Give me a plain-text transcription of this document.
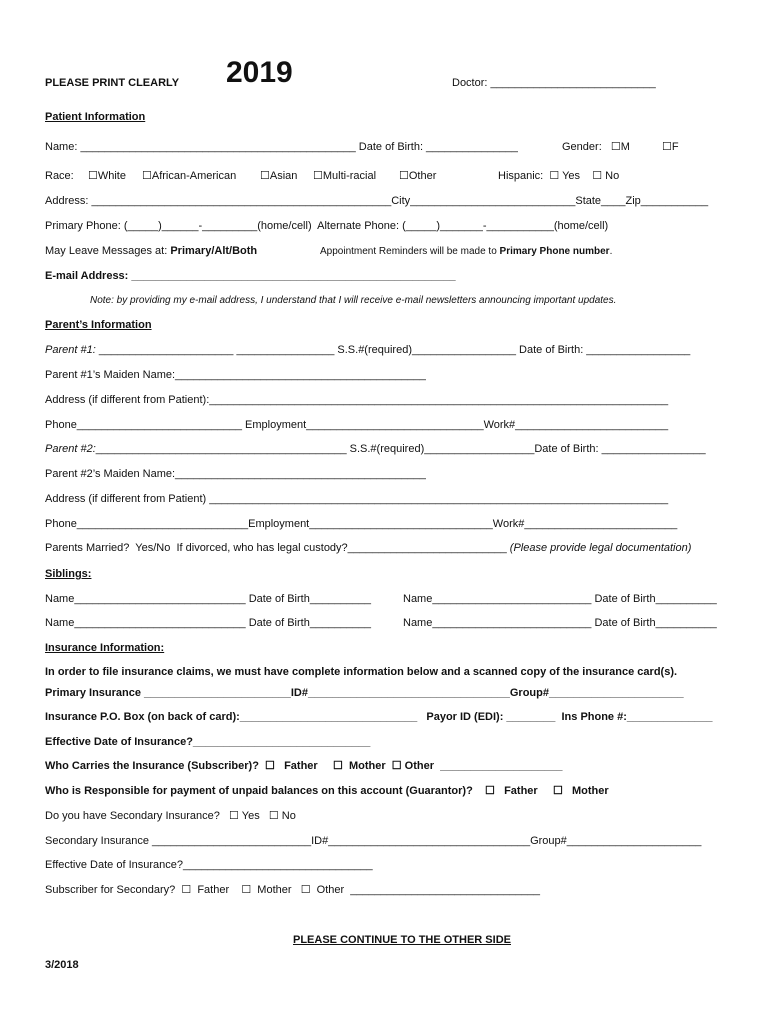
PLEASE PRINT CLEARLY 2019	Doctor: ___________________________
Patient Information
Name: _____________________________________________ Date of Birth: _______________	Gender:   ☐M	☐F
Race: ☐White ☐African-American ☐Asian ☐Multi-racial ☐Other	Hispanic:  ☐ Yes    ☐ No
Address: _________________________________________________City___________________________State____Zip___________
Primary Phone: (_____)______-_________(home/cell)  Alternate Phone: (_____)_______-___________(home/cell)
May Leave Messages at: Primary/Alt/Both	Appointment Reminders will be made to Primary Phone number.
E-mail Address: _____________________________________________________
Note: by providing my e-mail address, I understand that I will receive e-mail newsletters announcing important updates.
Parent’s Information
Parent #1: ______________________ ________________ S.S.#(required)_________________ Date of Birth: _________________
Parent #1’s Maiden Name:_________________________________________
Address (if different from Patient):___________________________________________________________________________
Phone___________________________ Employment_____________________________Work#_________________________
Parent #2:_________________________________________ S.S.#(required)__________________Date of Birth: _________________
Parent #2’s Maiden Name:_________________________________________
Address (if different from Patient) ___________________________________________________________________________
Phone____________________________Employment______________________________Work#_________________________
Parents Married?  Yes/No  If divorced, who has legal custody?__________________________ (Please provide legal documentation)
Siblings:
Name____________________________ Date of Birth__________	Name__________________________ Date of Birth__________
Name____________________________ Date of Birth__________	Name__________________________ Date of Birth__________
Insurance Information:
In order to file insurance claims, we must have complete information below and a scanned copy of the insurance card(s).
Primary Insurance ________________________ID#_________________________________Group#______________________
Insurance P.O. Box (on back of card):_____________________________   Payor ID (EDI): ________  Ins Phone #:______________
Effective Date of Insurance?_____________________________
Who Carries the Insurance (Subscriber)?  ☐   Father     ☐  Mother  ☐ Other  ____________________
Who is Responsible for payment of unpaid balances on this account (Guarantor)?    ☐   Father     ☐   Mother
Do you have Secondary Insurance?   ☐ Yes   ☐ No
Secondary Insurance __________________________ID#_________________________________Group#______________________
Effective Date of Insurance?_______________________________
Subscriber for Secondary?  ☐  Father    ☐  Mother   ☐  Other  _______________________________
PLEASE CONTINUE TO THE OTHER SIDE
3/2018
